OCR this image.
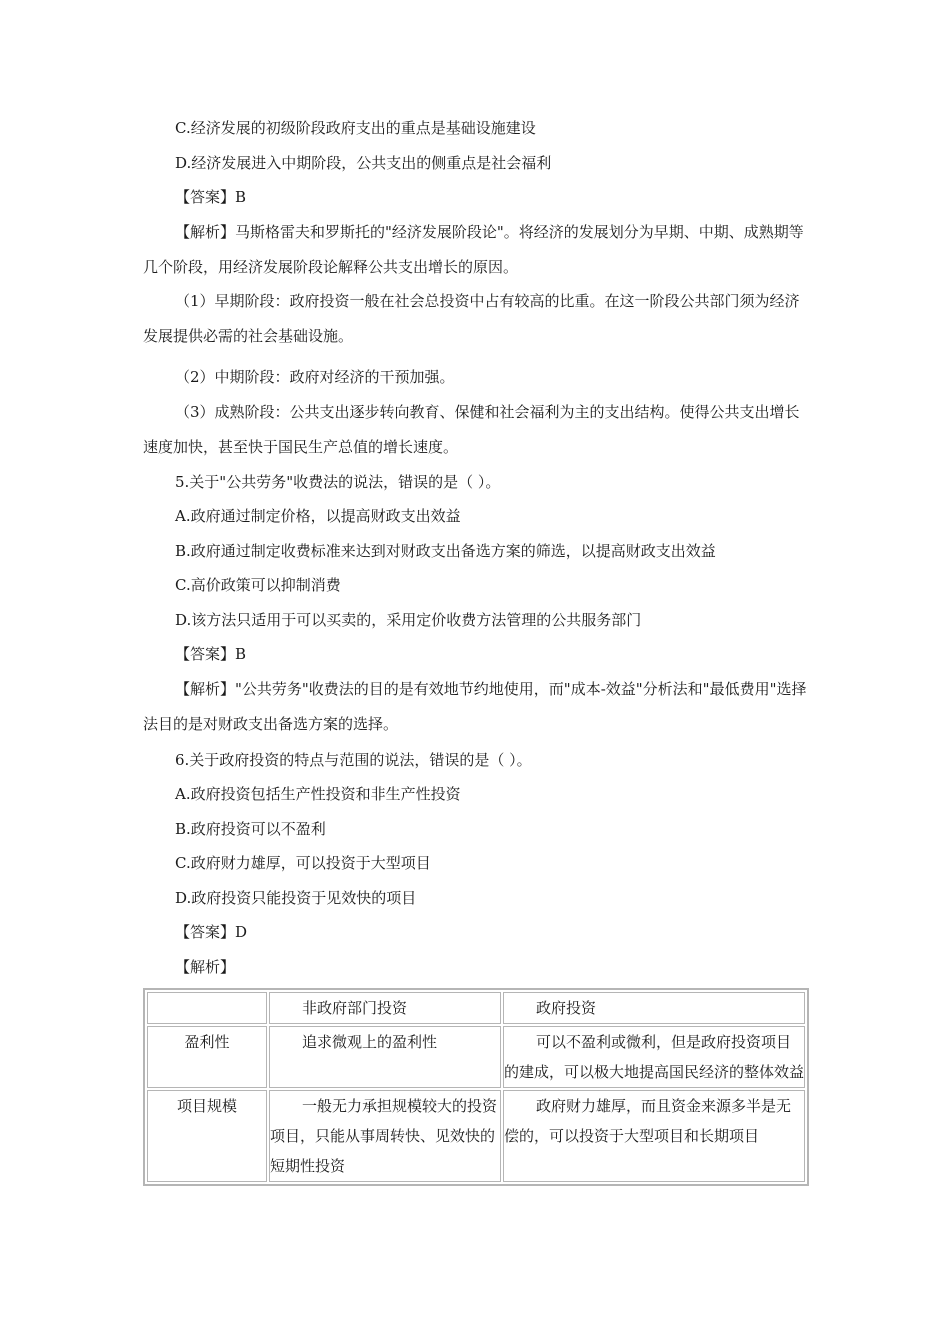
C.经济发展的初级阶段政府支出的重点是基础设施建设
D.经济发展进入中期阶段，公共支出的侧重点是社会福利
【答案】B
【解析】马斯格雷夫和罗斯托的"经济发展阶段论"。将经济的发展划分为早期、中期、成熟期等几个阶段，用经济发展阶段论解释公共支出增长的原因。
（1）早期阶段：政府投资一般在社会总投资中占有较高的比重。在这一阶段公共部门须为经济发展提供必需的社会基础设施。
（2）中期阶段：政府对经济的干预加强。
（3）成熟阶段：公共支出逐步转向教育、保健和社会福利为主的支出结构。使得公共支出增长速度加快，甚至快于国民生产总值的增长速度。
5.关于"公共劳务"收费法的说法，错误的是（ ）。
A.政府通过制定价格，以提高财政支出效益
B.政府通过制定收费标准来达到对财政支出备选方案的筛选，以提高财政支出效益
C.高价政策可以抑制消费
D.该方法只适用于可以买卖的，采用定价收费方法管理的公共服务部门
【答案】B
【解析】"公共劳务"收费法的目的是有效地节约地使用，而"成本-效益"分析法和"最低费用"选择法目的是对财政支出备选方案的选择。
6.关于政府投资的特点与范围的说法，错误的是（ ）。
A.政府投资包括生产性投资和非生产性投资
B.政府投资可以不盈利
C.政府财力雄厚，可以投资于大型项目
D.政府投资只能投资于见效快的项目
【答案】D
【解析】
	非政府部门投资	政府投资
盈利性	追求微观上的盈利性	可以不盈利或微利，但是政府投资项目的建成，可以极大地提高国民经济的整体效益
项目规模	一般无力承担规模较大的投资项目，只能从事周转快、见效快的短期性投资	政府财力雄厚，而且资金来源多半是无偿的，可以投资于大型项目和长期项目
